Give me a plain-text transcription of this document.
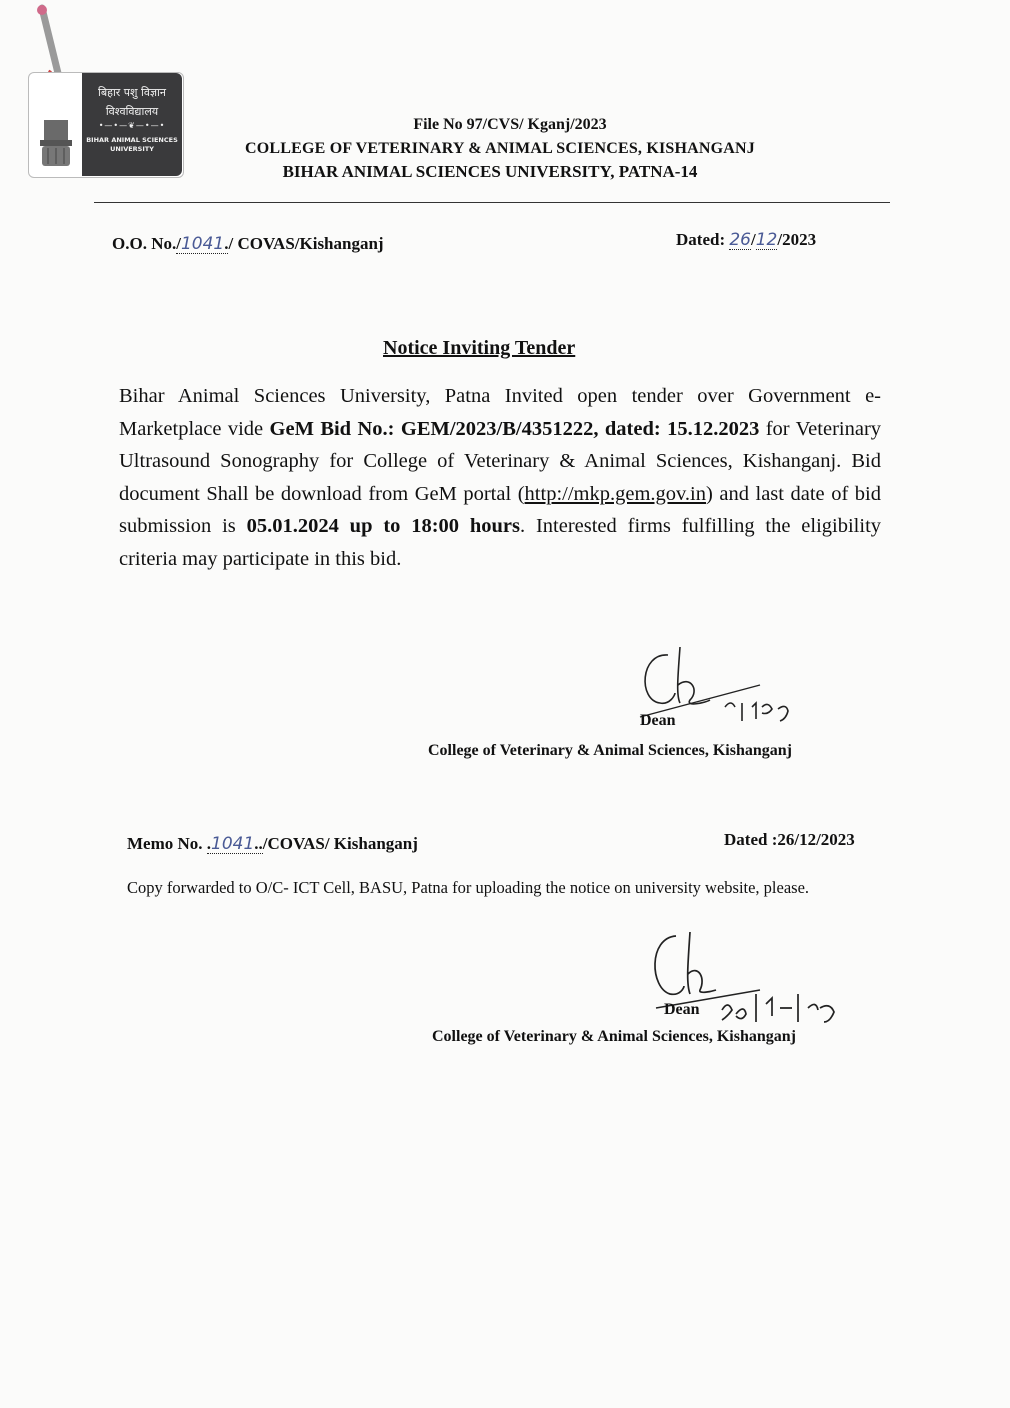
बिहार पशु विज्ञान
विश्वविद्यालय
•—•—❦—•—•
BIHAR ANIMAL SCIENCES
UNIVERSITY
File No 97/CVS/ Kganj/2023
COLLEGE OF VETERINARY & ANIMAL SCIENCES, KISHANGANJ
BIHAR ANIMAL SCIENCES UNIVERSITY, PATNA-14
O.O. No./1041./ COVAS/Kishanganj	Dated: 26/12/2023
Notice Inviting Tender
Bihar Animal Sciences University, Patna Invited open tender over Government e-Marketplace vide GeM Bid No.: GEM/2023/B/4351222, dated: 15.12.2023 for Veterinary Ultrasound Sonography for College of Veterinary & Animal Sciences, Kishanganj. Bid document Shall be download from GeM portal (http://mkp.gem.gov.in) and last date of bid submission is 05.01.2024 up to 18:00 hours. Interested firms fulfilling the eligibility criteria may participate in this bid.
Dean
College of Veterinary & Animal Sciences, Kishanganj
Memo No. .1041../COVAS/ Kishanganj	Dated :26/12/2023
Copy forwarded to O/C- ICT Cell, BASU, Patna for uploading the notice on university website, please.
Dean
College of Veterinary & Animal Sciences, Kishanganj
